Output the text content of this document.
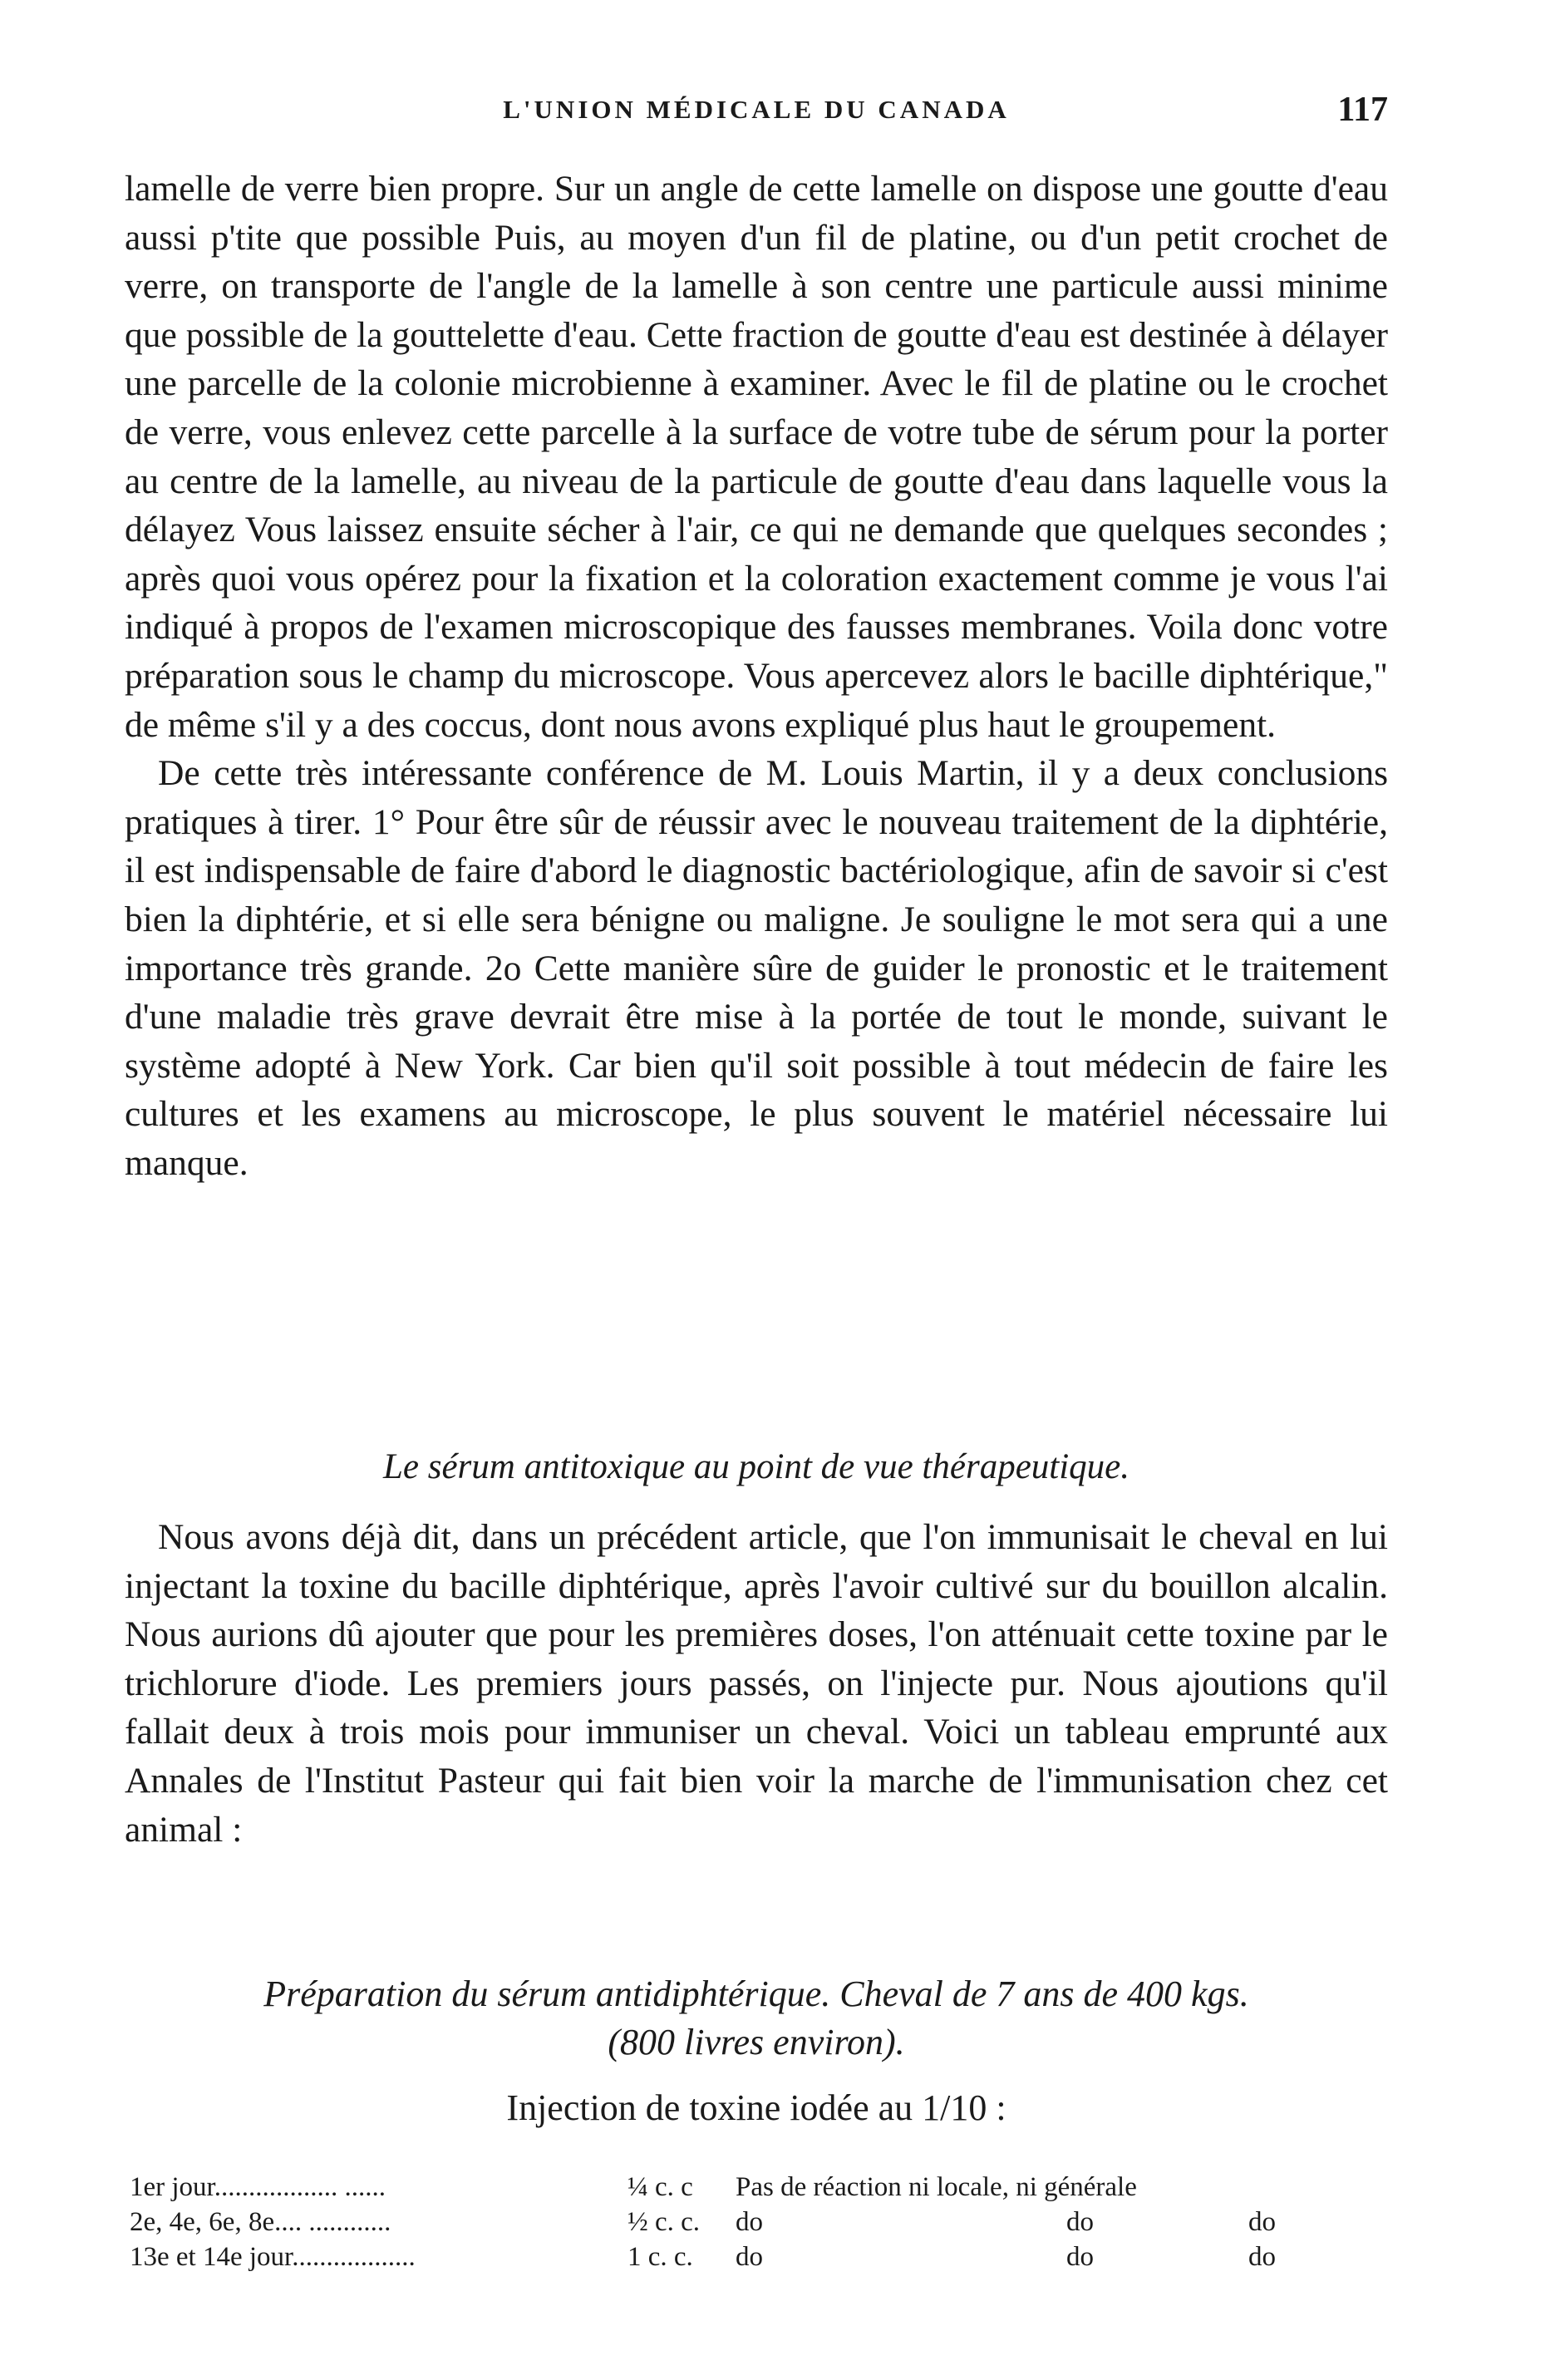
L'UNION MÉDICALE DU CANADA	117

lamelle de verre bien propre. Sur un angle de cette lamelle on dispose une goutte d'eau aussi p'tite que possible Puis, au moyen d'un fil de platine, ou d'un petit crochet de verre, on transporte de l'angle de la lamelle à son centre une particule aussi minime que possible de la gouttelette d'eau. Cette fraction de goutte d'eau est destinée à délayer une parcelle de la colonie microbienne à examiner. Avec le fil de platine ou le crochet de verre, vous enlevez cette parcelle à la surface de votre tube de sérum pour la porter au centre de la lamelle, au niveau de la particule de goutte d'eau dans laquelle vous la délayez Vous laissez ensuite sécher à l'air, ce qui ne demande que quelques secondes ; après quoi vous opérez pour la fixation et la coloration exactement comme je vous l'ai indiqué à propos de l'examen microscopique des fausses membranes. Voila donc votre préparation sous le champ du microscope. Vous apercevez alors le bacille diphtérique," de même s'il y a des coccus, dont nous avons expliqué plus haut le groupement.

De cette très intéressante conférence de M. Louis Martin, il y a deux conclusions pratiques à tirer. 1° Pour être sûr de réussir avec le nouveau traitement de la diphtérie, il est indispensable de faire d'abord le diagnostic bactériologique, afin de savoir si c'est bien la diphtérie, et si elle sera bénigne ou maligne. Je souligne le mot sera qui a une importance très grande. 2o Cette manière sûre de guider le pronostic et le traitement d'une maladie très grave devrait être mise à la portée de tout le monde, suivant le système adopté à New York. Car bien qu'il soit possible à tout médecin de faire les cultures et les examens au microscope, le plus souvent le matériel nécessaire lui manque.

Le sérum antitoxique au point de vue thérapeutique.

Nous avons déjà dit, dans un précédent article, que l'on immunisait le cheval en lui injectant la toxine du bacille diphtérique, après l'avoir cultivé sur du bouillon alcalin. Nous aurions dû ajouter que pour les premières doses, l'on atténuait cette toxine par le trichlorure d'iode. Les premiers jours passés, on l'injecte pur. Nous ajoutions qu'il fallait deux à trois mois pour immuniser un cheval. Voici un tableau emprunté aux Annales de l'Institut Pasteur qui fait bien voir la marche de l'immunisation chez cet animal :

Préparation du sérum antidiphtérique. Cheval de 7 ans de 400 kgs.
(800 livres environ).
Injection de toxine iodée au 1/10 :
1er jour.................. ......	¼ c. c Pas de réaction ni locale, ni générale
2e, 4e, 6e, 8e.... ............	½ c. c. do	do	do
13e et 14e jour..................	1 c. c. do	do	do
